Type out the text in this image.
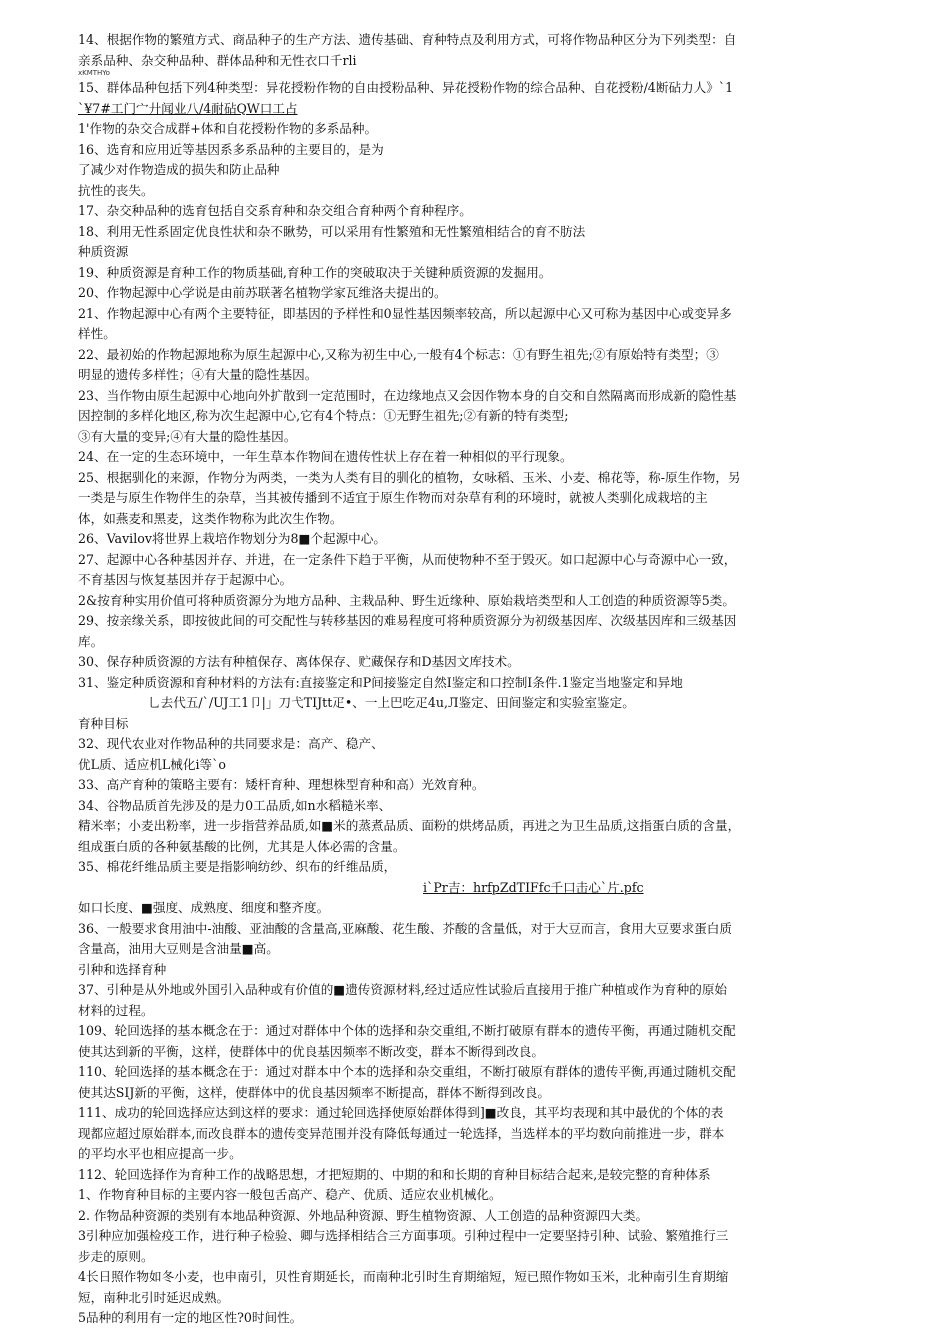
14、根据作物的繁殖方式、商品种子的生产方法、遗传基础、育种特点及利用方式，可将作物品种区分为下列类型：自
亲系品种、杂交种品种、群体品种和无性衣口千rli
xKMTHYo
15、群体品种包括下列4种类型：异花授粉作物的自由授粉品种、异花授粉作物的综合品种、自花授粉/4断砧力人》`1
`¥7#工门宀廾闻业八/4耐砧QW口工占
1'作物的杂交合成群+体和自花授粉作物的多系品种。
16、选育和应用近等基因系多系品种的主要目的，是为
了减少对作物造成的损失和防止品种
抗性的丧失。
17、杂交种品种的选育包括自交系育种和杂交组合育种两个育种程序。
18、利用无性系固定优良性状和杂不瞅势，可以采用有性繁殖和无性繁殖相结合的育不肪法
种质资源
19、种质资源是育种工作的物质基础,育种工作的突破取决于关键种质资源的发掘用。
20、作物起源中心学说是由前苏联著名植物学家瓦维洛夫提出的。
21、作物起源中心有两个主要特征，即基因的予样性和0显性基因频率较高，所以起源中心又可称为基因中心或变异多
样性。
22、最初始的作物起源地称为原生起源中心,又称为初生中心,一般有4个标志：①有野生祖先;②有原始特有类型；③
明显的遗传多样性；④有大量的隐性基因。
23、当作物由原生起源中心地向外扩散到一定范围时，在边缘地点又会因作物本身的自交和自然隔离而形成新的隐性基
因控制的多样化地区,称为次生起源中心,它有4个特点：①无野生祖先;②有新的特有类型;
③有大量的变异;④有大量的隐性基因。
24、在一定的生态环境中，一年生草本作物间在遗传性状上存在着一种相似的平行现象。
25、根据驯化的来源，作物分为两类，一类为人类有目的驯化的植物，女咏稻、玉米、小麦、棉花等，称-原生作物，另
一类是与原生作物伴生的杂草，当其被传播到不适宜于原生作物而对杂草有利的环境时，就被人类驯化成栽培的主
体，如燕麦和黑麦，这类作物称为此次生作物。
26、Vavilov将世界上栽培作物划分为8■个起源中心。
27、起源中心各种基因并存、并进，在一定条件下趋于平衡，从而使物种不至于毁灭。如口起源中心与奇源中心一致，
不育基因与恢复基因并存于起源中心。
2&按育种实用价值可将种质资源分为地方品种、主栽品种、野生近缘种、原始栽培类型和人工创造的种质资源等5类。
29、按亲缘关系，即按彼此间的可交配性与转移基因的难易程度可将种质资源分为初级基因库、次级基因库和三级基因
库。
30、保存种质资源的方法有种植保存、离体保存、贮藏保存和D基因文库技术。
31、鉴定种质资源和育种材料的方法有:直接鉴定和P间接鉴定自然I鉴定和口控制I条件.1鉴定当地鉴定和异地
乚去代五/`/UJ工1卩|」刀弋TIJtt疋•、一上巴吃疋4u,Л鉴定、田间鉴定和实验室鉴定。
育种目标
32、现代农业对作物品种的共同要求是：高产、稳产、
优L质、适应机L械化i等`o
33、高产育种的策略主要有：矮杆育种、理想株型育种和高）光效育种。
34、谷物品质首先涉及的是力0工品质,如n水稻糙米率、
精米率；小麦出粉率，进一步指营养品质,如■米的蒸煮品质、面粉的烘烤品质，再进之为卫生品质,这指蛋白质的含量，
组成蛋白质的各种氨基酸的比例，尤其是人体必需的含量。
35、棉花纤维品质主要是指影响纺纱、织布的纤维品质，
i`Pr吉：hrfpZdTIFfc千口击心`片.pfc
如口长度、■强度、成熟度、细度和整齐度。
36、一般要求食用油中-油酸、亚油酸的含量高,亚麻酸、花生酸、芥酸的含量低，对于大豆而言，食用大豆要求蛋白质
含量高，油用大豆则是含油量■高。
引种和选择育种
37、引种是从外地或外国引入品种或有价值的■遗传资源材料,经过适应性试验后直接用于推广种植或作为育种的原始
材料的过程。
109、轮回选择的基本概念在于：通过对群体中个体的选择和杂交重组,不断打破原有群本的遗传平衡，再通过随机交配
使其达到新的平衡，这样，使群体中的优良基因频率不断改变，群本不断得到改良。
110、轮回选择的基本概念在于：通过对群本中个本的选择和杂交重组，不断打破原有群体的遗传平衡,再通过随机交配
使其达SIJ新的平衡，这样，使群体中的优良基因频率不断提高，群体不断得到改良。
111、成功的轮回选择应达到这样的要求：通过轮回选择使原始群体得到]■改良，其平均表现和其中最优的个体的表
现都应超过原始群本,而改良群本的遗传变异范围并没有降低每通过一轮选择，当选样本的平均数向前推进一步，群本
的平均水平也相应提高一步。
112、轮回选择作为育种工作的战略思想，才把短期的、中期的和和长期的育种目标结合起来,是较完整的育种体系
1、作物育种目标的主要内容一般包舌高产、稳产、优质、适应农业机械化。
2. 作物品种资源的类别有本地品种资源、外地品种资源、野生植物资源、人工创造的品种资源四大类。
3引种应加强检疫工作，进行种子检验、卿与选择相结合三方面事项。引种过程中一定要坚持引种、试验、繁殖推行三
步走的原则。
4长日照作物如冬小麦，也申南引，贝性育期延长，而南种北引时生育期缩短，短已照作物如玉米，北种南引生育期缩
短，南种北引时延迟成熟。
5品种的利用有一定的地区性?0时间性。
